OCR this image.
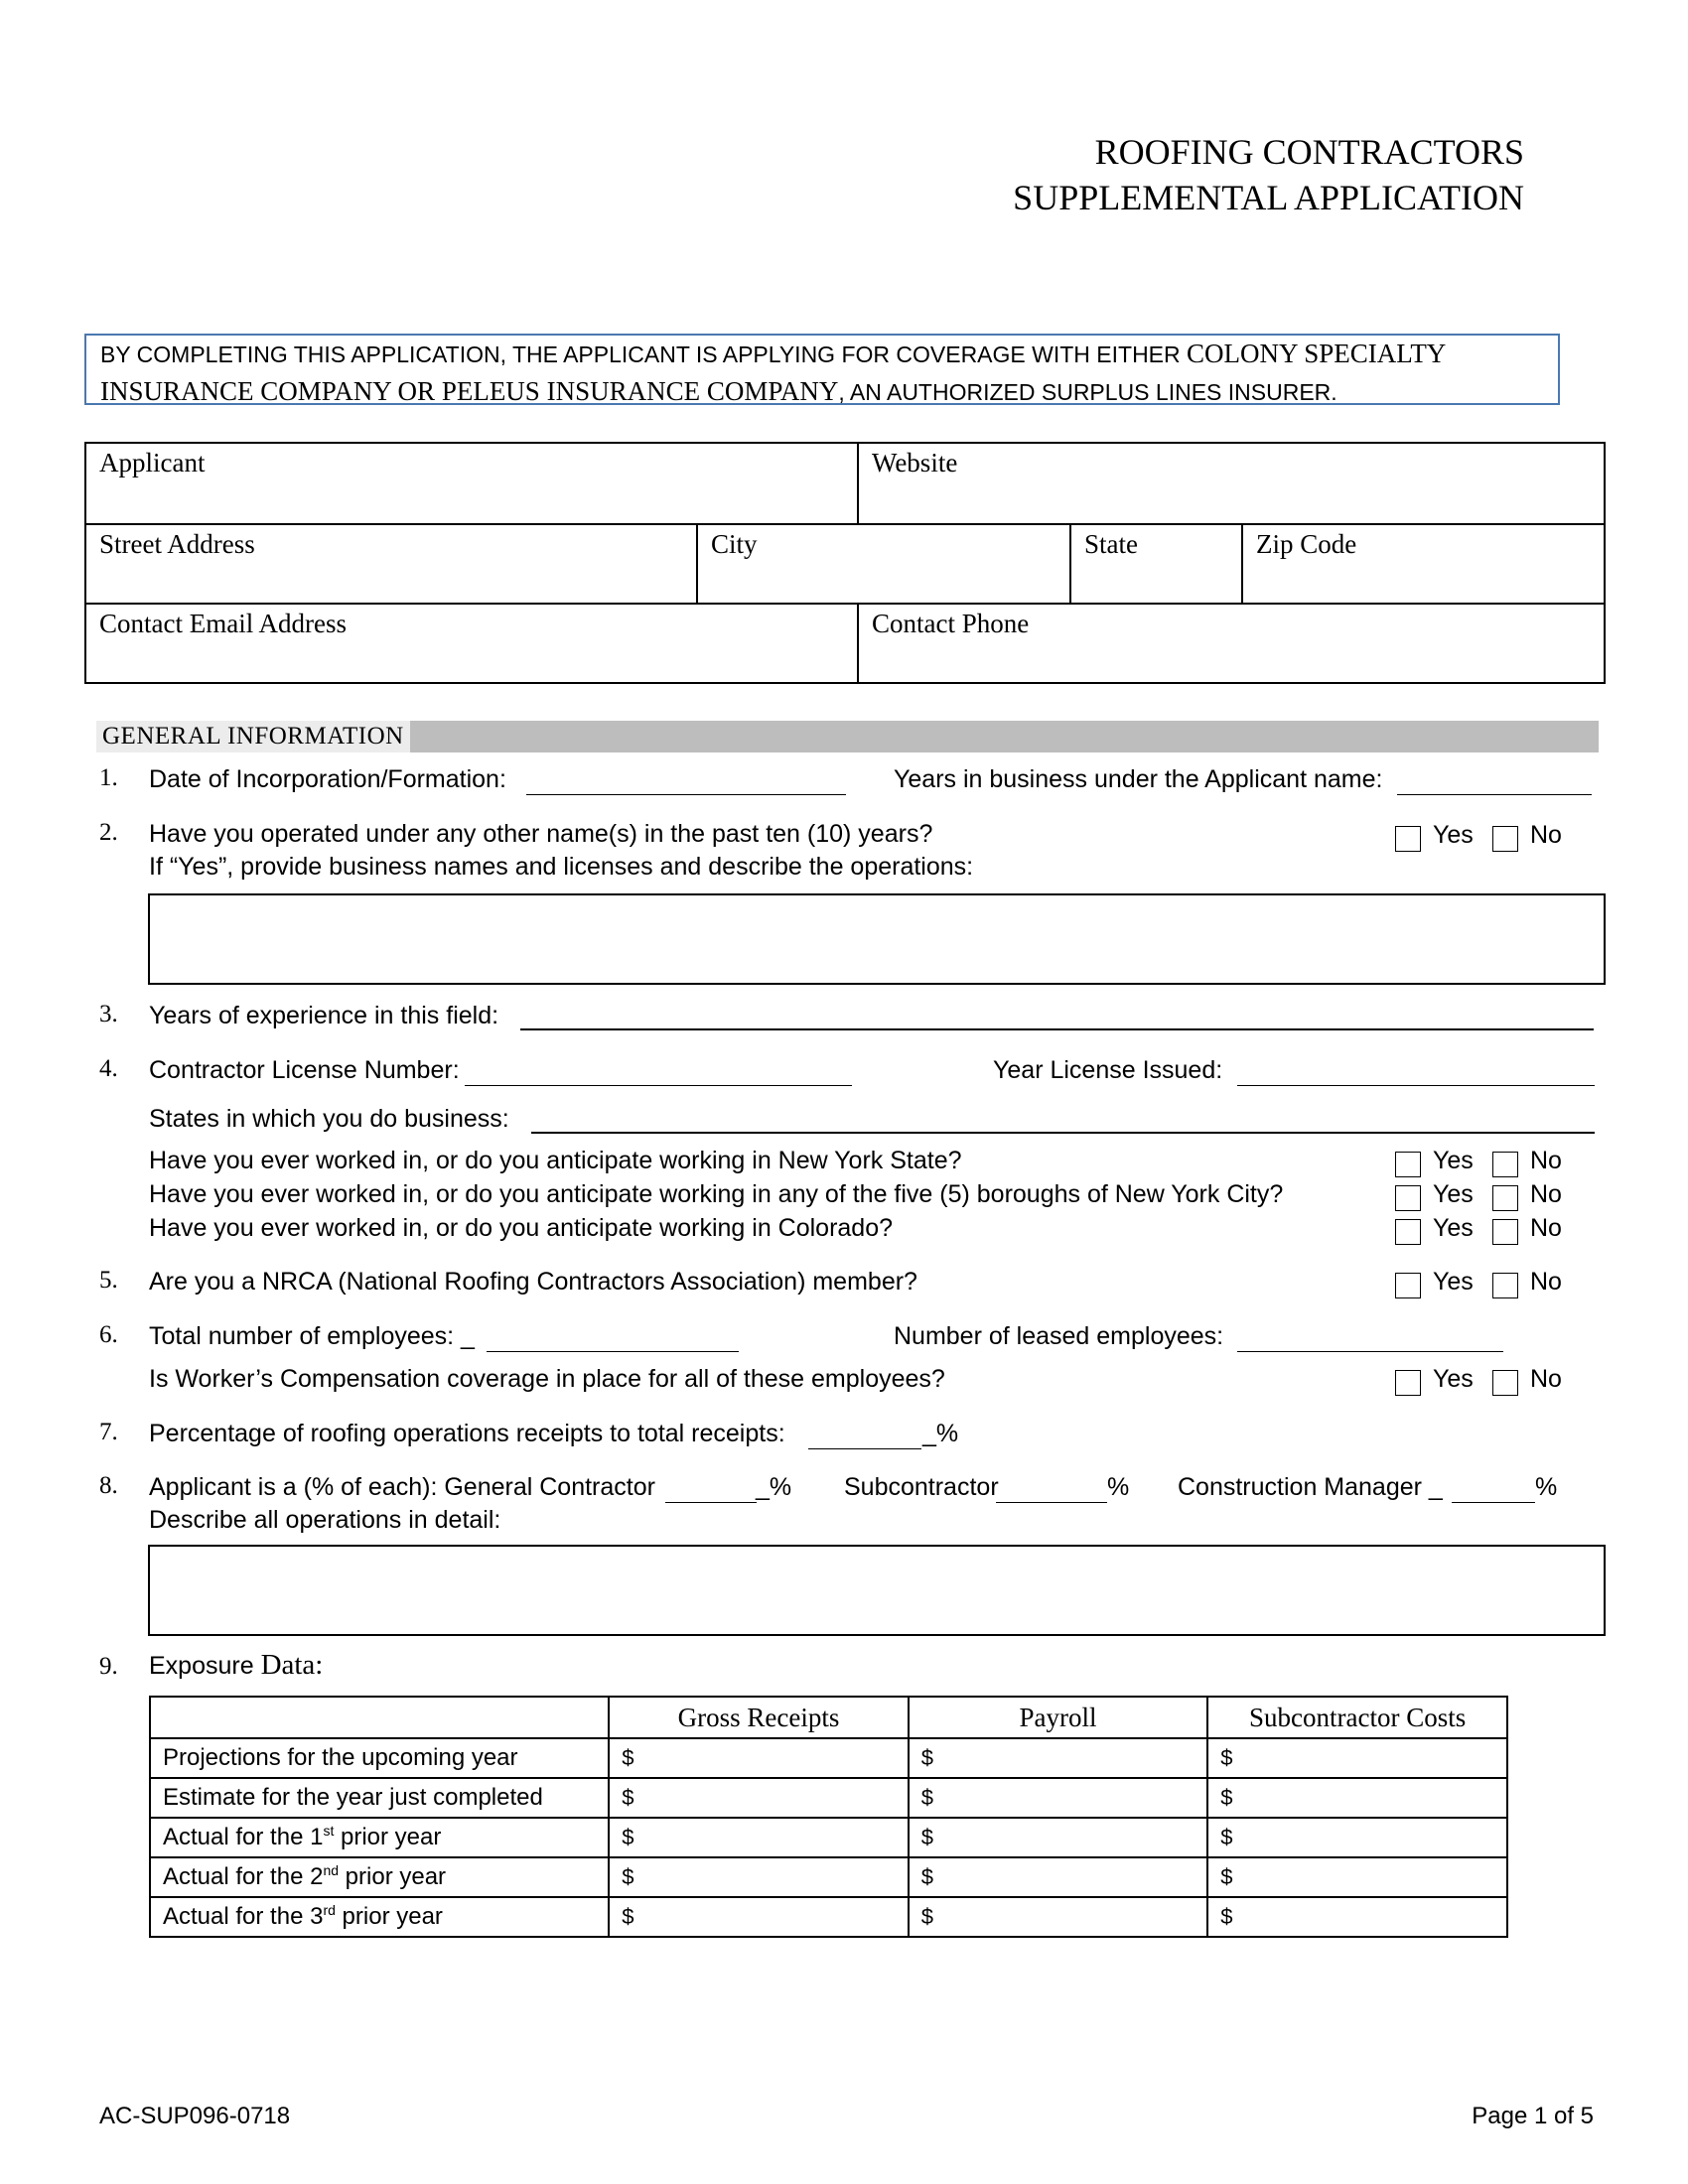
ROOFING CONTRACTORS
SUPPLEMENTAL APPLICATION
BY COMPLETING THIS APPLICATION, THE APPLICANT IS APPLYING FOR COVERAGE WITH EITHER COLONY SPECIALTY INSURANCE COMPANY OR PELEUS INSURANCE COMPANY, AN AUTHORIZED SURPLUS LINES INSURER.
Applicant	Website
Street Address	City	State	Zip Code
Contact Email Address	Contact Phone
GENERAL INFORMATION
1. Date of Incorporation/Formation:	Years in business under the Applicant name:
2. Have you operated under any other name(s) in the past ten (10) years?	Yes No
If “Yes”, provide business names and licenses and describe the operations:
3. Years of experience in this field:
4. Contractor License Number:	Year License Issued:
States in which you do business:
Have you ever worked in, or do you anticipate working in New York State?	Yes No
Have you ever worked in, or do you anticipate working in any of the five (5) boroughs of New York City?	Yes No
Have you ever worked in, or do you anticipate working in Colorado?	Yes No
5. Are you a NRCA (National Roofing Contractors Association) member?	Yes No
6. Total number of employees: _	Number of leased employees:
Is Worker’s Compensation coverage in place for all of these employees?	Yes No
7. Percentage of roofing operations receipts to total receipts:	_%
8. Applicant is a (% of each): General Contractor	_% Subcontractor	% Construction Manager _	%
Describe all operations in detail:
9. Exposure Data:
	Gross Receipts	Payroll	Subcontractor Costs
Projections for the upcoming year	$	$	$
Estimate for the year just completed	$	$	$
Actual for the 1st prior year	$	$	$
Actual for the 2nd prior year	$	$	$
Actual for the 3rd prior year	$	$	$
AC-SUP096-0718	Page 1 of 5
